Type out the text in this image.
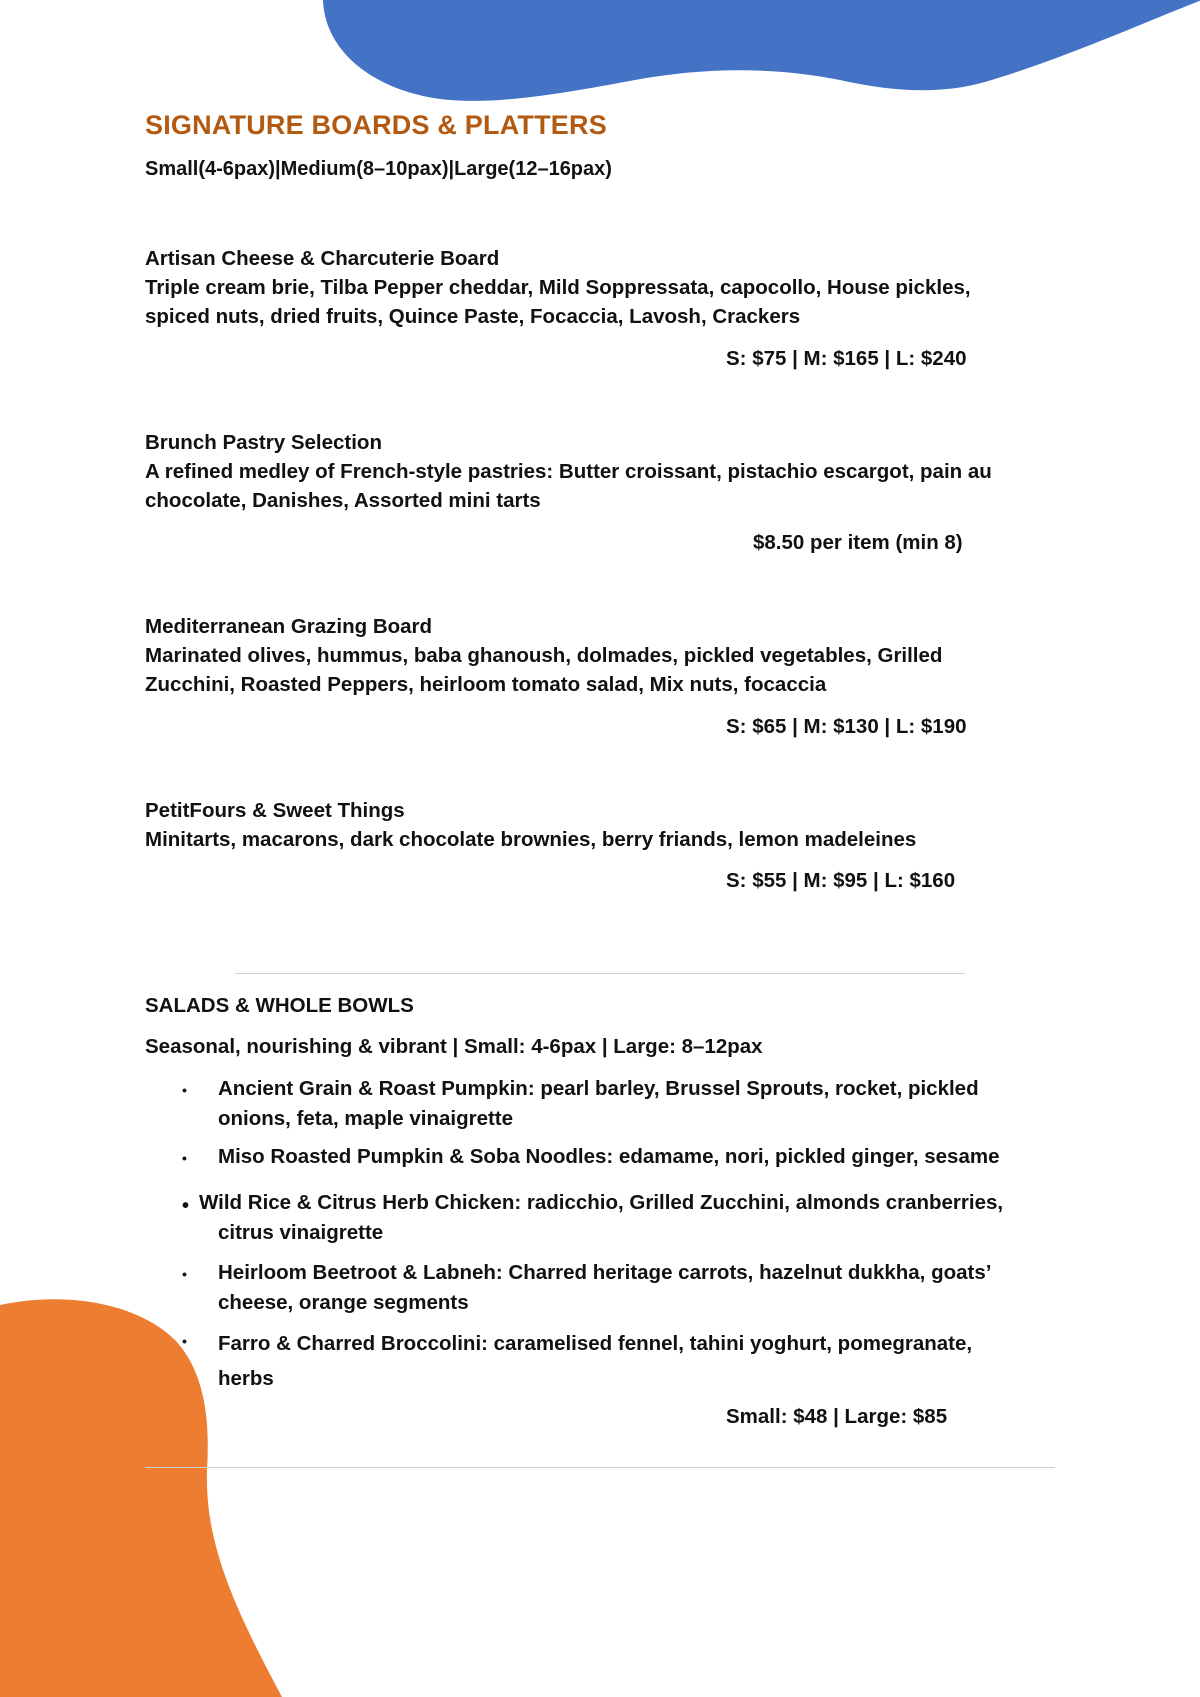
SIGNATURE BOARDS & PLATTERS

Small(4-6pax)|Medium(8–10pax)|Large(12–16pax)

Artisan Cheese & Charcuterie Board

Triple cream brie, Tilba Pepper cheddar, Mild Soppressata, capocollo, House pickles,
spiced nuts, dried fruits, Quince Paste, Focaccia, Lavosh, Crackers

S: $75 | M: $165 | L: $240

Brunch Pastry Selection

A refined medley of French-style pastries: Butter croissant, pistachio escargot, pain au
chocolate, Danishes, Assorted mini tarts

$8.50 per item (min 8)

Mediterranean Grazing Board

Marinated olives, hummus, baba ghanoush, dolmades, pickled vegetables, Grilled
Zucchini, Roasted Peppers, heirloom tomato salad, Mix nuts, focaccia

S: $65 | M: $130 | L: $190

PetitFours & Sweet Things

Minitarts, macarons, dark chocolate brownies, berry friands, lemon madeleines

S: $55 | M: $95 | L: $160

SALADS & WHOLE BOWLS

Seasonal, nourishing & vibrant | Small: 4-6pax | Large: 8–12pax

• Ancient Grain & Roast Pumpkin: pearl barley, Brussel Sprouts, rocket, pickled
onions, feta, maple vinaigrette
• Miso Roasted Pumpkin & Soba Noodles: edamame, nori, pickled ginger, sesame
• Wild Rice & Citrus Herb Chicken: radicchio, Grilled Zucchini, almonds cranberries,
citrus vinaigrette
• Heirloom Beetroot & Labneh: Charred heritage carrots, hazelnut dukkha, goats’
cheese, orange segments
• Farro & Charred Broccolini: caramelised fennel, tahini yoghurt, pomegranate,
herbs

Small: $48 | Large: $85
